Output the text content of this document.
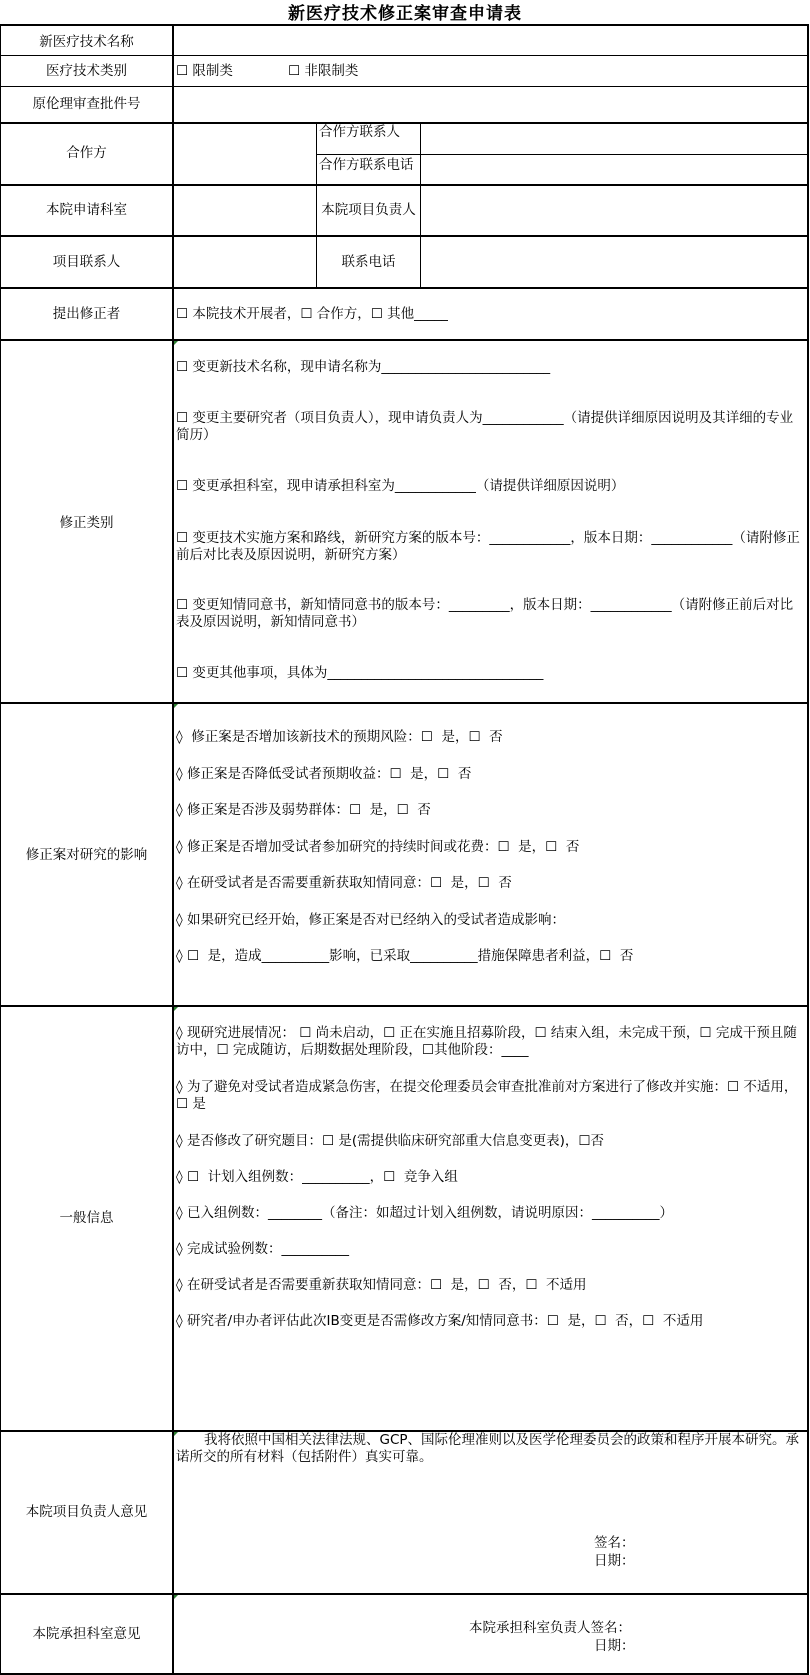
新医疗技术修正案审查申请表
新医疗技术名称
医疗技术类别	☐ 限制类	☐ 非限制类
原伦理审查批件号
合作方
合作方联系人
合作方联系电话
本院申请科室	本院项目负责人
项目联系人	联系电话
提出修正者	☐ 本院技术开展者，☐ 合作方，☐ 其他_____
修正类别
☐ 变更新技术名称，现申请名称为_________________________
☐ 变更主要研究者（项目负责人），现申请负责人为____________（请提供详细原因说明及其详细的专业简历）
☐ 变更承担科室，现申请承担科室为____________（请提供详细原因说明）
☐ 变更技术实施方案和路线，新研究方案的版本号：____________，版本日期：____________（请附修正前后对比表及原因说明，新研究方案）
☐ 变更知情同意书，新知情同意书的版本号：_________，版本日期：____________（请附修正前后对比表及原因说明，新知情同意书）
☐ 变更其他事项，具体为________________________________
修正案对研究的影响
◊  修正案是否增加该新技术的预期风险：☐  是，☐  否
◊ 修正案是否降低受试者预期收益：☐  是，☐  否
◊ 修正案是否涉及弱势群体：☐  是，☐  否
◊ 修正案是否增加受试者参加研究的持续时间或花费：☐  是，☐  否
◊ 在研受试者是否需要重新获取知情同意：☐  是，☐  否
◊ 如果研究已经开始，修正案是否对已经纳入的受试者造成影响：
◊ ☐  是，造成__________影响，已采取__________措施保障患者利益，☐  否
一般信息
◊ 现研究进展情况： ☐ 尚未启动，☐ 正在实施且招募阶段，☐ 结束入组，未完成干预，☐ 完成干预且随访中，☐ 完成随访，后期数据处理阶段，☐其他阶段：____
◊ 为了避免对受试者造成紧急伤害，在提交伦理委员会审查批准前对方案进行了修改并实施：☐ 不适用，☐ 是
◊ 是否修改了研究题目：☐ 是(需提供临床研究部重大信息变更表)，☐否
◊ ☐  计划入组例数：__________，☐  竞争入组
◊ 已入组例数：________（备注：如超过计划入组例数，请说明原因：__________）
◊ 完成试验例数：__________
◊ 在研受试者是否需要重新获取知情同意：☐  是，☐  否，☐  不适用
◊ 研究者/申办者评估此次IB变更是否需修改方案/知情同意书：☐  是，☐  否，☐  不适用
本院项目负责人意见
我将依照中国相关法律法规、GCP、国际伦理准则以及医学伦理委员会的政策和程序开展本研究。承诺所交的所有材料（包括附件）真实可靠。
签名：
日期：
本院承担科室意见	本院承担科室负责人签名：
日期：
